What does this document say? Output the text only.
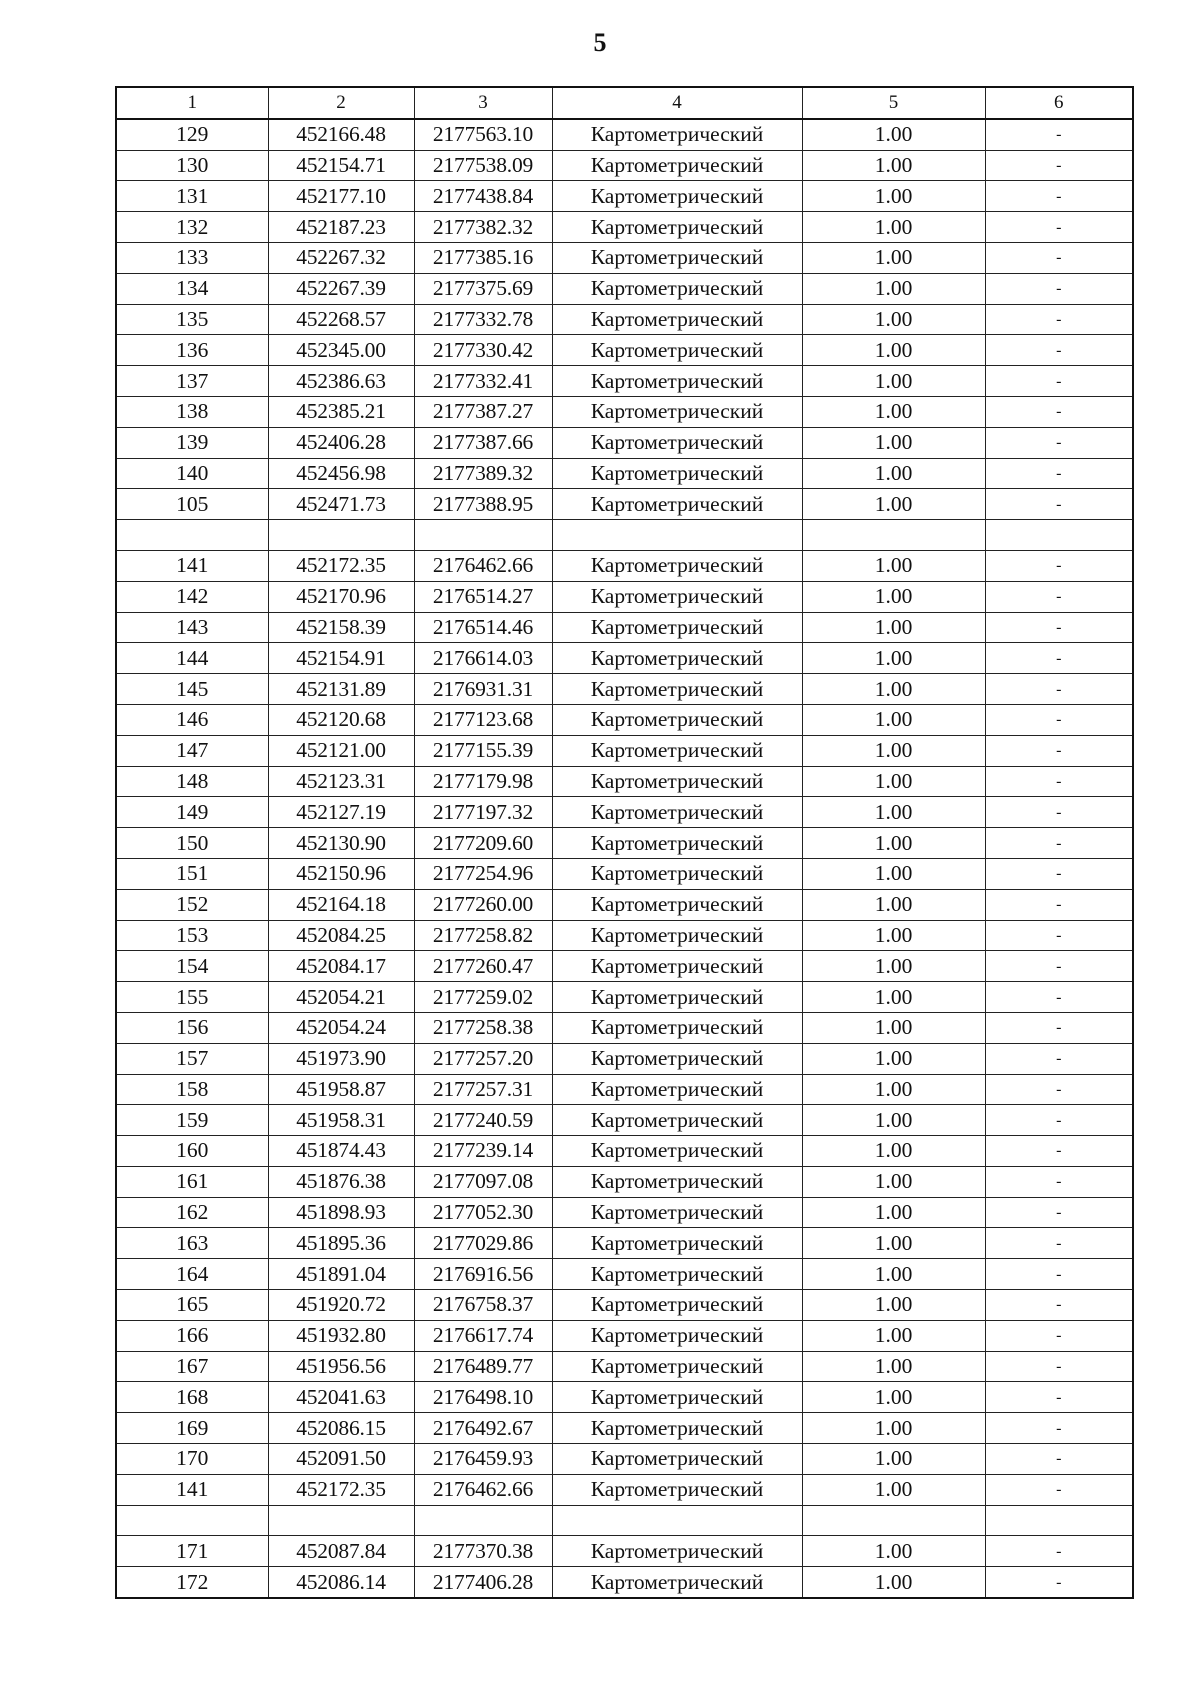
5
1	2	3	4	5	6
129	452166.48	2177563.10	Картометрический	1.00	-
130	452154.71	2177538.09	Картометрический	1.00	-
131	452177.10	2177438.84	Картометрический	1.00	-
132	452187.23	2177382.32	Картометрический	1.00	-
133	452267.32	2177385.16	Картометрический	1.00	-
134	452267.39	2177375.69	Картометрический	1.00	-
135	452268.57	2177332.78	Картометрический	1.00	-
136	452345.00	2177330.42	Картометрический	1.00	-
137	452386.63	2177332.41	Картометрический	1.00	-
138	452385.21	2177387.27	Картометрический	1.00	-
139	452406.28	2177387.66	Картометрический	1.00	-
140	452456.98	2177389.32	Картометрический	1.00	-
105	452471.73	2177388.95	Картометрический	1.00	-

141	452172.35	2176462.66	Картометрический	1.00	-
142	452170.96	2176514.27	Картометрический	1.00	-
143	452158.39	2176514.46	Картометрический	1.00	-
144	452154.91	2176614.03	Картометрический	1.00	-
145	452131.89	2176931.31	Картометрический	1.00	-
146	452120.68	2177123.68	Картометрический	1.00	-
147	452121.00	2177155.39	Картометрический	1.00	-
148	452123.31	2177179.98	Картометрический	1.00	-
149	452127.19	2177197.32	Картометрический	1.00	-
150	452130.90	2177209.60	Картометрический	1.00	-
151	452150.96	2177254.96	Картометрический	1.00	-
152	452164.18	2177260.00	Картометрический	1.00	-
153	452084.25	2177258.82	Картометрический	1.00	-
154	452084.17	2177260.47	Картометрический	1.00	-
155	452054.21	2177259.02	Картометрический	1.00	-
156	452054.24	2177258.38	Картометрический	1.00	-
157	451973.90	2177257.20	Картометрический	1.00	-
158	451958.87	2177257.31	Картометрический	1.00	-
159	451958.31	2177240.59	Картометрический	1.00	-
160	451874.43	2177239.14	Картометрический	1.00	-
161	451876.38	2177097.08	Картометрический	1.00	-
162	451898.93	2177052.30	Картометрический	1.00	-
163	451895.36	2177029.86	Картометрический	1.00	-
164	451891.04	2176916.56	Картометрический	1.00	-
165	451920.72	2176758.37	Картометрический	1.00	-
166	451932.80	2176617.74	Картометрический	1.00	-
167	451956.56	2176489.77	Картометрический	1.00	-
168	452041.63	2176498.10	Картометрический	1.00	-
169	452086.15	2176492.67	Картометрический	1.00	-
170	452091.50	2176459.93	Картометрический	1.00	-
141	452172.35	2176462.66	Картометрический	1.00	-

171	452087.84	2177370.38	Картометрический	1.00	-
172	452086.14	2177406.28	Картометрический	1.00	-
